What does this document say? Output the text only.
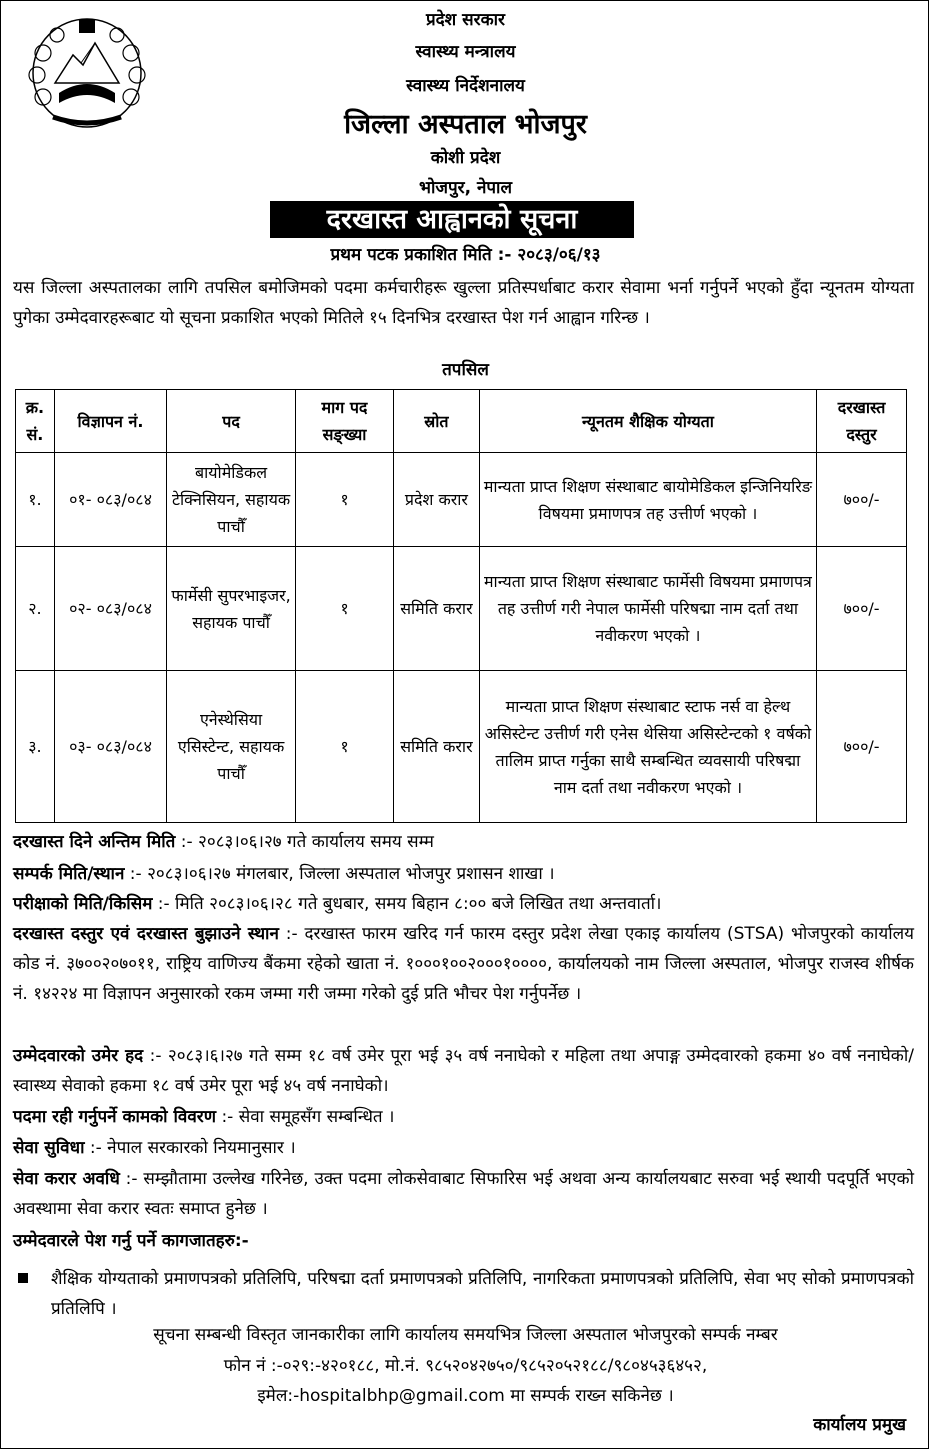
प्रदेश सरकार
स्वास्थ्य मन्त्रालय
स्वास्थ्य निर्देशनालय
जिल्ला अस्पताल भोजपुर
कोशी प्रदेश
भोजपुर, नेपाल
दरखास्त आह्वानको सूचना
प्रथम पटक प्रकाशित मिति :- २०८३/०६/१३
यस जिल्ला अस्पतालका लागि तपसिल बमोजिमको पदमा कर्मचारीहरू खुल्ला प्रतिस्पर्धाबाट करार सेवामा भर्ना गर्नुपर्ने भएको हुँदा न्यूनतम योग्यता पुगेका उम्मेदवारहरूबाट यो सूचना प्रकाशित भएको मितिले १५ दिनभित्र दरखास्त पेश गर्न आह्वान गरिन्छ ।
तपसिल
क्र. सं.	विज्ञापन नं.	पद	माग पद सङ्ख्या	स्रोत	न्यूनतम शैक्षिक योग्यता	दरखास्त दस्तुर
१.	०१- ०८३/०८४	बायोमेडिकल टेक्निसियन, सहायक पाचौँ	१	प्रदेश करार	मान्यता प्राप्त शिक्षण संस्थाबाट बायोमेडिकल इन्जिनियरिङ विषयमा प्रमाणपत्र तह उत्तीर्ण भएको ।	७००/-
२.	०२- ०८३/०८४	फार्मेसी सुपरभाइजर, सहायक पाचौँ	१	समिति करार	मान्यता प्राप्त शिक्षण संस्थाबाट फार्मेसी विषयमा प्रमाणपत्र तह उत्तीर्ण गरी नेपाल फार्मेसी परिषद्मा नाम दर्ता तथा नवीकरण भएको ।	७००/-
३.	०३- ०८३/०८४	एनेस्थेसिया एसिस्टेन्ट, सहायक पाचौँ	१	समिति करार	मान्यता प्राप्त शिक्षण संस्थाबाट स्टाफ नर्स वा हेल्थ असिस्टेन्ट उत्तीर्ण गरी एनेस थेसिया असिस्टेन्टको १ वर्षको तालिम प्राप्त गर्नुका साथै सम्बन्धित व्यवसायी परिषद्मा नाम दर्ता तथा नवीकरण भएको ।	७००/-
दरखास्त दिने अन्तिम मिति :- २०८३।०६।२७ गते कार्यालय समय सम्म
सम्पर्क मिति/स्थान :- २०८३।०६।२७ मंगलबार, जिल्ला अस्पताल भोजपुर प्रशासन शाखा ।
परीक्षाको मिति/किसिम :- मिति २०८३।०६।२८ गते बुधबार, समय बिहान ८:०० बजे लिखित तथा अन्तवार्ता।
दरखास्त दस्तुर एवं दरखास्त बुझाउने स्थान :- दरखास्त फारम खरिद गर्न फारम दस्तुर प्रदेश लेखा एकाइ कार्यालय (STSA) भोजपुरको कार्यालय कोड नं. ३७००२०७०११, राष्ट्रिय वाणिज्य बैंकमा रहेको खाता नं. १०००१००२०००१००००, कार्यालयको नाम जिल्ला अस्पताल, भोजपुर राजस्व शीर्षक नं. १४२२४ मा विज्ञापन अनुसारको रकम जम्मा गरी जम्मा गरेको दुई प्रति भौचर पेश गर्नुपर्नेछ ।
उम्मेदवारको उमेर हद :- २०८३।६।२७ गते सम्म १८ वर्ष उमेर पूरा भई ३५ वर्ष ननाघेको र महिला तथा अपाङ्ग उम्मेदवारको हकमा ४० वर्ष ननाघेको/स्वास्थ्य सेवाको हकमा १८ वर्ष उमेर पूरा भई ४५ वर्ष ननाघेको।
पदमा रही गर्नुपर्ने कामको विवरण :- सेवा समूहसँग सम्बन्धित ।
सेवा सुविधा :- नेपाल सरकारको नियमानुसार ।
सेवा करार अवधि :- सम्झौतामा उल्लेख गरिनेछ, उक्त पदमा लोकसेवाबाट सिफारिस भई अथवा अन्य कार्यालयबाट सरुवा भई स्थायी पदपूर्ति भएको अवस्थामा सेवा करार स्वतः समाप्त हुनेछ ।
उम्मेदवारले पेश गर्नु पर्ने कागजातहरु:-
शैक्षिक योग्यताको प्रमाणपत्रको प्रतिलिपि, परिषद्मा दर्ता प्रमाणपत्रको प्रतिलिपि, नागरिकता प्रमाणपत्रको प्रतिलिपि, सेवा भए सोको प्रमाणपत्रको प्रतिलिपि ।
सूचना सम्बन्धी विस्तृत जानकारीका लागि कार्यालय समयभित्र जिल्ला अस्पताल भोजपुरको सम्पर्क नम्बर
फोन नं :-०२९:-४२०१८८, मो.नं. ९८५२०४२७५०/९८५२०५२१८८/९८०४५३६४५२,
इमेल:-hospitalbhp@gmail.com मा सम्पर्क राख्न सकिनेछ ।
कार्यालय प्रमुख
